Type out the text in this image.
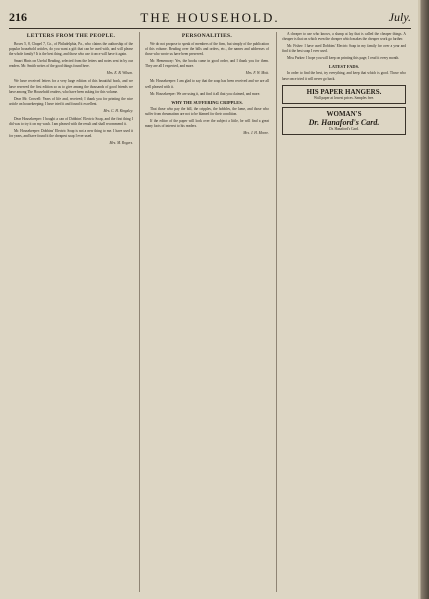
216	THE HOUSEHOLD.	July.
LETTERS FROM THE PEOPLE.

Boxes 5, 8, Chapel 7, Co., of Philadelphia, Pa., who claims the authorship of the popular household articles, do you want a gift that can be used with, and will please the whole family? It is the best thing, and those who use it once will have it again.

Smart Hints on Useful Reading, selected from the letters and notes sent in by our readers. Mr. Smith writes of the good things found here.

Mrs. E. B. Wilson.

We have received letters for a very large edition of this beautiful book, and we have reserved the first edition so as to give among the thousands of good friends we have among The Household readers, who have been asking for this volume.

Dear Mr. Crowell: Years of life and, received; I thank you for printing the nice article on housekeeping; I have tried it and found it excellent.

Mrs. C. H. Kingsley.

Dear Housekeeper: I bought a can of Dobbins' Electric Soap, and the first thing I did was to try it on my wash. I am pleased with the result and shall recommend it.

Mr. Housekeeper: Dobbins' Electric Soap is not a new thing to me. I have used it for years, and have found it the cheapest soap I ever used.

Mrs. M. Rogers.
PERSONALITIES.

We do not propose to speak of members of the firm, but simply of the publication of this volume. Reading over the bills and orders, etc., the names and addresses of those who wrote us have been preserved.

Mr. Hemenway: Yes, the books came in good order, and I thank you for them. They are all I expected, and more.

Mrs. F. W. Mott.

Mr. Housekeeper: I am glad to say that the soap has been received and we are all well pleased with it.

Mr. Housekeeper: We are using it, and find it all that you claimed, and more.

WHY THE SUFFERING CRIPPLES.

That those who pay the bill, the cripples, the hobbles, the lame, and those who suffer from rheumatism are not to be blamed for their condition.

If the editor of the paper will look over the subject a little, he will find a great many facts of interest to his readers.

Mrs. J. H. Moore.

A cheaper to use who knows, a slump at lay that is called the cheaper things. A cheaper is that on which even the cheaper which makes the cheaper work go farther.

Mr. Fisher: I have used Dobbins' Electric Soap in my family for over a year and find it the best soap I ever used.

Miss Parker: I hope you will keep on printing this page; I read it every month.

LATEST FADS.

In order to find the best, try everything, and keep that which is good. Those who have once tried it will never go back.

HIS PAPER HANGERS.
Wall paper at lowest prices. Samples free.
WOMAN'S
Dr. Hanaford's Card.
Dr. Hanaford's Card.
